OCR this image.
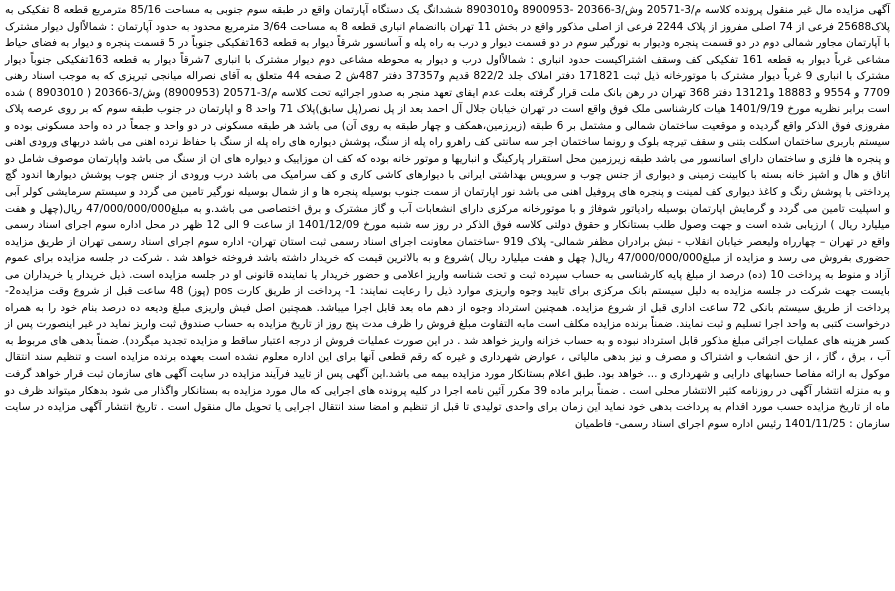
آگهی مزایده مال غیر منقول پرونده کلاسه م/3-20571 وش/3-20366 -8900953 و8903010 ششدانگ یک دستگاه آپارتمان واقع در طبقه سوم جنوبی به مساحت 85/16 مترمربع قطعه 8 تفکیکی به پلاک25688 فرعی از 74 اصلی مفروز از پلاک 2244 فرعی از اصلی مذکور واقع در بخش 11 تهران باانضمام انباری قطعه 8 به مساحت 3/64 مترمربع محدود به حدود آپارتمان : شمالاًاول دیوار مشترک با آپارتمان مجاور شمالی دوم در دو قسمت پنجره ودیوار به نورگیر سوم در دو قسمت دیوار و درب به راه پله و آسانسور شرقاً دیوار به قطعه 163تفکیکی جنوباً در 5 قسمت پنجره و دیوار به فضای حیاط مشاعی غرباً دیوار به قطعه 161 تفکیکی کف وسقف اشتراکیست حدود انباری : شمالاًاول درب و دیوار به محوطه مشاعی دوم دیوار مشترک با انباری 7شرقاً دیوار به قطعه 163تفکیکی جنوباً دیوار مشترک با انباری 9 غرباً دیوار مشترک با موتورخانه ذیل ثبت 171821 دفتر املاک جلد 822/2 قدیم و37357 دفتر 487ش 2 صفحه 44 متعلق به آقای نصراله میانجی تبریزی که به موجب اسناد رهنی 7709 و 9554 و 18883 و13121 دفتر 368 تهران در رهن بانک ملت قرار گرفته بعلت عدم ایفای تعهد منجر به صدور اجرائیه تحت کلاسه م/3-20571 (8900953) وش/3-20366 ( 8903010 ) شده است برابر نظریه مورخ 1401/9/19 هیات کارشناسی ملک فوق واقع است در تهران خیابان جلال آل احمد بعد از پل نصر(پل سابق)پلاک 71 واحد 8 و اپارتمان در جنوب طبقه سوم که بر روی عرصه پلاک مفروزی فوق الذکر واقع گردیده و موقعیت ساختمان شمالی و مشتمل بر 6 طبقه (زیرزمین،همکف و چهار طبقه به روی آن) می باشد هر طبقه مسکونی در دو واحد و جمعاً در ده واحد مسکونی بوده و سیستم باربری ساختمان اسکلت بتنی و سقف تیرچه بلوک و رونما ساختمان اجر سه سانتی کف راهرو راه پله از سنگ، پوشش دیواره های راه پله از سنگ با حفاظ نرده اهنی می باشد دربهای ورودی اهنی و پنجره ها فلزی و ساختمان دارای اسانسور می باشد طبقه زیرزمین محل استقرار پارکینگ و انباریها و موتور خانه بوده که کف ان موزاییک و دیواره های ان از سنگ می باشد واپارتمان موصوف شامل دو اتاق و هال و اشپز خانه بسته با کابینت زمینی و دیواری از جنس چوب و سرویس بهداشتی ایرانی با دیوارهای کاشی کاری و کف سرامیک می باشد درب ورودی از جنس چوب پوشش دیوارها اندود گچ پرداختی با پوشش رنگ و کاغذ دیواری کف لمینت و پنجره های پروفیل اهنی می باشد نور اپارتمان از سمت جنوب بوسیله پنجره ها و از شمال بوسیله نورگیر تامین می گردد و سیستم سرمایشی کولر آبی و اسپلیت تامین می گردد و گرمایش اپارتمان بوسیله رادیاتور شوفاژ و با موتورخانه مرکزی دارای انشعابات آب و گاز مشترک و برق اختصاصی می باشد.و به مبلغ47/000/000/000 ریال(چهل و هفت میلیارد ریال ) ارزیابی شده است و جهت وصول طلب بستانکار و حقوق دولتی کلاسه فوق الذکر در روز سه شنبه مورخ 1401/12/09 از ساعت 9 الی 12 ظهر در محل اداره سوم اجرای اسناد رسمی واقع در تهران – چهارراه ولیعصر خیابان انقلاب - نبش برادران مظفر شمالی- پلاک 919 -ساختمان معاونت اجرای اسناد رسمی ثبت استان تهران- اداره سوم اجرای اسناد رسمی تهران از طریق مزایده حضوری بفروش می رسد و مزایده از مبلغ47/000/000/000 ریال( چهل و هفت میلیارد ریال )شروع و به بالاترین قیمت که خریدار داشته باشد فروخته خواهد شد . شرکت در جلسه مزایده برای عموم آزاد و منوط به پرداخت 10 (ده) درصد از مبلغ پایه کارشناسی به حساب سپرده ثبت و تحت شناسه واریز اعلامی و حضور خریدار یا نماینده قانونی او در جلسه مزایده است. ذیل خریدار یا خریداران می بایست جهت شرکت در جلسه مزایده به دلیل سیستم بانک مرکزی برای تایید وجوه واریزی موارد ذیل را رعایت نمایند: 1- پرداخت از طریق کارت pos (پوز) 48 ساعت قبل از شروع وقت مزایده2- پرداخت از طریق سیستم بانکی 72 ساعت اداری قبل از شروع مزایده. همچنین استرداد وجوه از دهم ماه بعد قابل اجرا میباشد. همچنین اصل فیش واریزی مبلغ ودیعه ده درصد بنام خود را به همراه درخواست کتبی به واحد اجرا تسلیم و ثبت نمایند. ضمناً برنده مزایده مکلف است مابه التفاوت مبلغ فروش را ظرف مدت پنج روز از تاریخ مزایده به حساب صندوق ثبت واریز نماید در غیر اینصورت پس از کسر هزینه های عملیات اجرائی مبلغ مذکور قابل استرداد نبوده و به حساب خزانه واریز خواهد شد . در این صورت عملیات فروش از درجه اعتبار ساقط و مزایده تجدید میگردد). ضمناً بدهی های مربوط به آب ، برق ، گاز ، از حق انشعاب و اشتراک و مصرف و نیز بدهی مالیاتی ، عوارض شهرداری و غیره که رقم قطعی آنها برای این اداره معلوم نشده است بعهده برنده مزایده است و تنظیم سند انتقال موکول به ارائه مفاصا حسابهای دارایی و شهرداری و ... خواهد بود. طبق اعلام بستانکار مورد مزایده بیمه می باشد.این آگهی پس از تایید فرآیند مزایده در سایت آگهی های سازمان ثبت قرار خواهد گرفت و به منزله انتشار آگهی در روزنامه کثیر الانتشار محلی است . ضمناً برابر ماده 39 مکرر آئین نامه اجرا در کلیه پرونده های اجرایی که مال مورد مزایده به بستانکار واگذار می شود بدهکار میتواند ظرف دو ماه از تاریخ مزایده حسب مورد اقدام به پرداخت بدهی خود نماید این زمان برای واحدی تولیدی تا قبل از تنظیم و امضا سند انتقال اجرایی یا تحویل مال منقول است . تاریخ انتشار آگهی مزایده در سایت سازمان : 1401/11/25 رئیس اداره سوم اجرای اسناد رسمی- فاطمیان
